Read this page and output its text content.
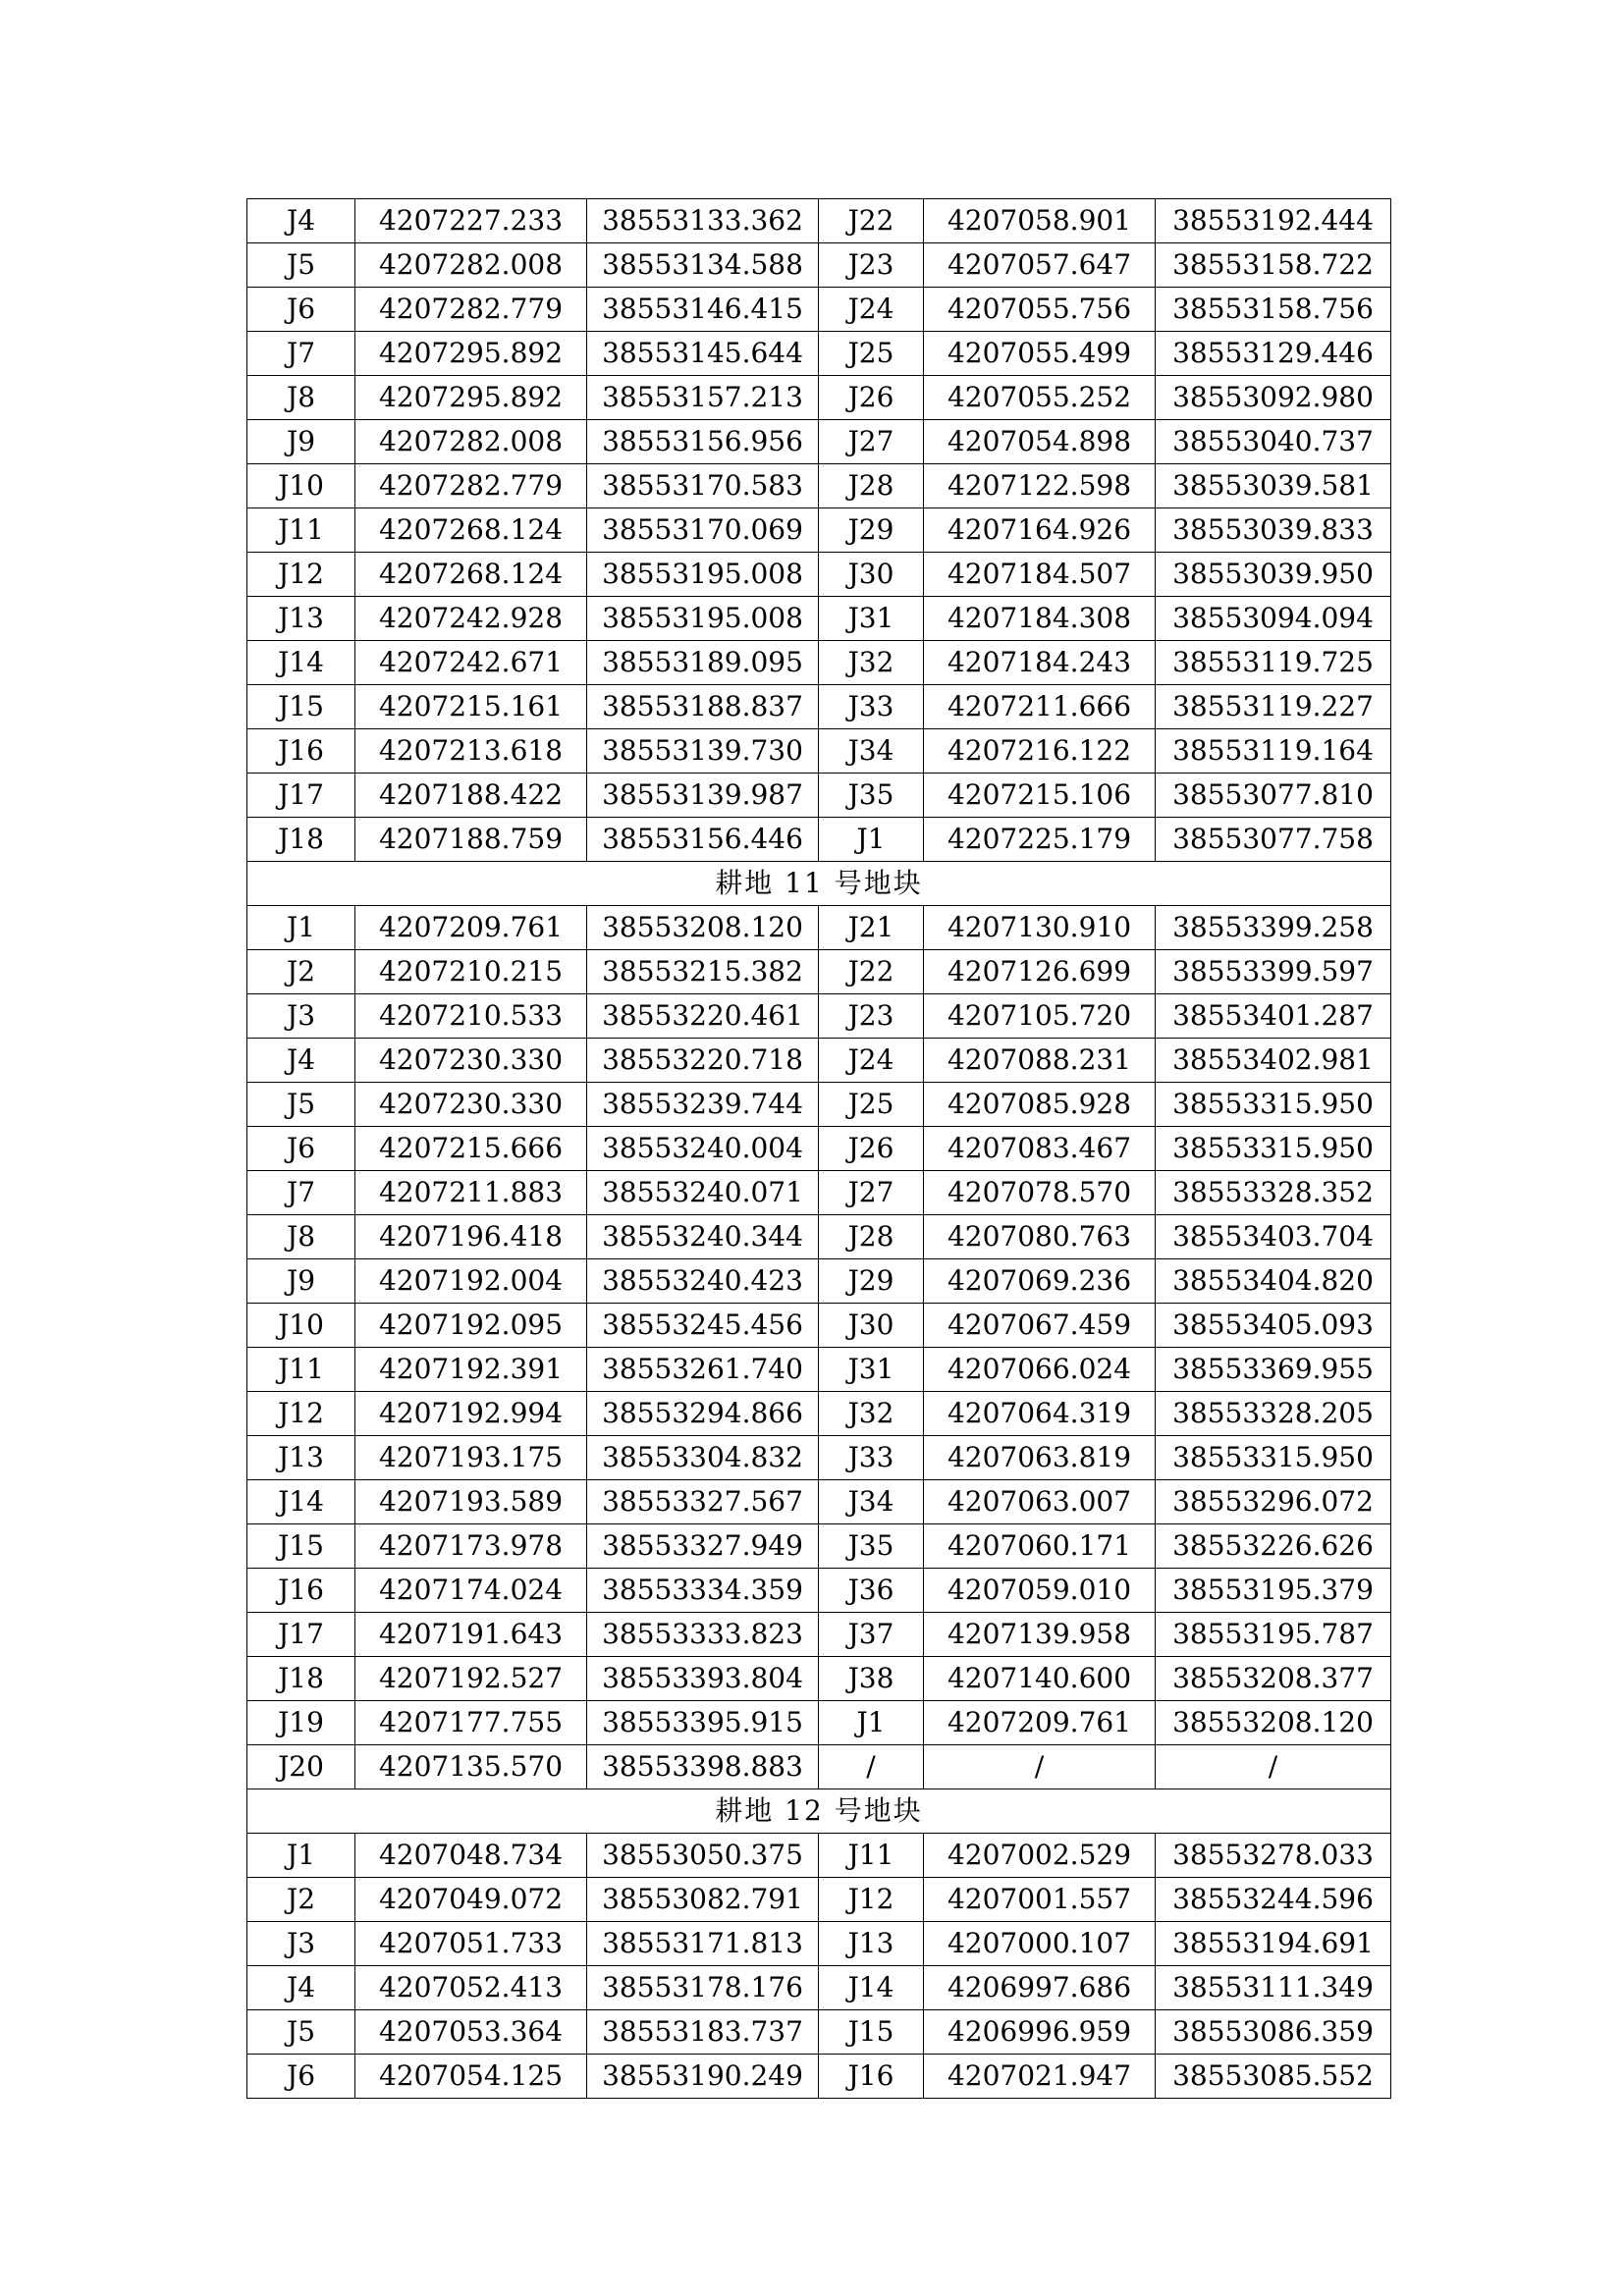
J4	4207227.233	38553133.362	J22	4207058.901	38553192.444
J5	4207282.008	38553134.588	J23	4207057.647	38553158.722
J6	4207282.779	38553146.415	J24	4207055.756	38553158.756
J7	4207295.892	38553145.644	J25	4207055.499	38553129.446
J8	4207295.892	38553157.213	J26	4207055.252	38553092.980
J9	4207282.008	38553156.956	J27	4207054.898	38553040.737
J10	4207282.779	38553170.583	J28	4207122.598	38553039.581
J11	4207268.124	38553170.069	J29	4207164.926	38553039.833
J12	4207268.124	38553195.008	J30	4207184.507	38553039.950
J13	4207242.928	38553195.008	J31	4207184.308	38553094.094
J14	4207242.671	38553189.095	J32	4207184.243	38553119.725
J15	4207215.161	38553188.837	J33	4207211.666	38553119.227
J16	4207213.618	38553139.730	J34	4207216.122	38553119.164
J17	4207188.422	38553139.987	J35	4207215.106	38553077.810
J18	4207188.759	38553156.446	J1	4207225.179	38553077.758
耕地 11 号地块					
J1	4207209.761	38553208.120	J21	4207130.910	38553399.258
J2	4207210.215	38553215.382	J22	4207126.699	38553399.597
J3	4207210.533	38553220.461	J23	4207105.720	38553401.287
J4	4207230.330	38553220.718	J24	4207088.231	38553402.981
J5	4207230.330	38553239.744	J25	4207085.928	38553315.950
J6	4207215.666	38553240.004	J26	4207083.467	38553315.950
J7	4207211.883	38553240.071	J27	4207078.570	38553328.352
J8	4207196.418	38553240.344	J28	4207080.763	38553403.704
J9	4207192.004	38553240.423	J29	4207069.236	38553404.820
J10	4207192.095	38553245.456	J30	4207067.459	38553405.093
J11	4207192.391	38553261.740	J31	4207066.024	38553369.955
J12	4207192.994	38553294.866	J32	4207064.319	38553328.205
J13	4207193.175	38553304.832	J33	4207063.819	38553315.950
J14	4207193.589	38553327.567	J34	4207063.007	38553296.072
J15	4207173.978	38553327.949	J35	4207060.171	38553226.626
J16	4207174.024	38553334.359	J36	4207059.010	38553195.379
J17	4207191.643	38553333.823	J37	4207139.958	38553195.787
J18	4207192.527	38553393.804	J38	4207140.600	38553208.377
J19	4207177.755	38553395.915	J1	4207209.761	38553208.120
J20	4207135.570	38553398.883	/	/	/
耕地 12 号地块					
J1	4207048.734	38553050.375	J11	4207002.529	38553278.033
J2	4207049.072	38553082.791	J12	4207001.557	38553244.596
J3	4207051.733	38553171.813	J13	4207000.107	38553194.691
J4	4207052.413	38553178.176	J14	4206997.686	38553111.349
J5	4207053.364	38553183.737	J15	4206996.959	38553086.359
J6	4207054.125	38553190.249	J16	4207021.947	38553085.552
